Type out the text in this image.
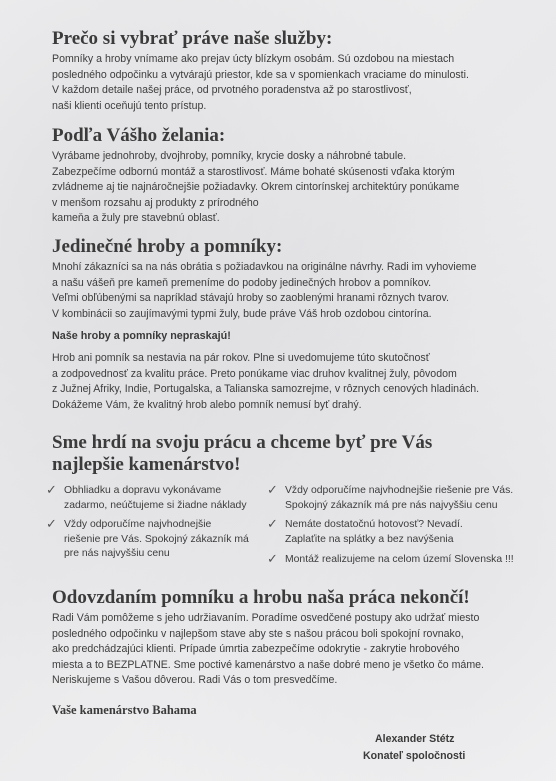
Prečo si vybrať práve naše služby:
Pomníky a hroby vnímame ako prejav úcty blízkym osobám. Sú ozdobou na miestach
posledného odpočinku a vytvárajú priestor, kde sa v spomienkach vraciame do minulosti.
V každom detaile našej práce, od prvotného poradenstva až po starostlivosť,
naši klienti oceňujú tento prístup.
Podľa Vášho želania:
Vyrábame jednohroby, dvojhroby, pomníky, krycie dosky a náhrobné tabule.
Zabezpečíme odbornú montáž a starostlivosť. Máme bohaté skúsenosti vďaka ktorým
zvládneme aj tie najnáročnejšie požiadavky. Okrem cintorínskej architektúry ponúkame
v menšom rozsahu aj produkty z prírodného
kameňa a žuly pre stavebnú oblasť.
Jedinečné hroby a pomníky:
Mnohí zákazníci sa na nás obrátia s požiadavkou na originálne návrhy. Radi im vyhovieme
a našu vášeň pre kameň premeníme do podoby jedinečných hrobov a pomníkov.
Veľmi obľúbenými sa napríklad stávajú hroby so zaoblenými hranami rôznych tvarov.
V kombinácii so zaujímavými typmi žuly, bude práve Váš hrob ozdobou cintorína.
Naše hroby a pomníky nepraskajú!
Hrob ani pomník sa nestavia na pár rokov. Plne si uvedomujeme túto skutočnosť
a zodpovednosť za kvalitu práce. Preto ponúkame viac druhov kvalitnej žuly, pôvodom
z Južnej Afriky, Indie, Portugalska, a Talianska samozrejme, v rôznych cenových hladinách.
Dokážeme Vám, že kvalitný hrob alebo pomník nemusí byť drahý.
Sme hrdí na svoju prácu a chceme byť pre Vás
najlepšie kamenárstvo!
✓ Obhliadku a dopravu vykonávame
zadarmo, neúčtujeme si žiadne náklady
✓ Vždy odporučíme najvhodnejšie
riešenie pre Vás. Spokojný zákazník má
pre nás najvyššiu cenu
✓ Vždy odporučíme najvhodnejšie riešenie pre Vás.
Spokojný zákazník má pre nás najvyššiu cenu
✓ Nemáte dostatočnú hotovosť? Nevadí.
Zaplaťite na splátky a bez navýšenia
✓ Montáž realizujeme na celom území Slovenska !!!
Odovzdaním pomníku a hrobu naša práca nekončí!
Radi Vám pomôžeme s jeho udržiavaním. Poradíme osvedčené postupy ako udržať miesto
posledného odpočinku v najlepšom stave aby ste s našou prácou boli spokojní rovnako,
ako predchádzajúci klienti. Prípade úmrtia zabezpečíme odokrytie - zakrytie hrobového
miesta a to BEZPLATNE. Sme poctivé kamenárstvo a naše dobré meno je všetko čo máme.
Neriskujeme s Vašou dôverou. Radi Vás o tom presvedčíme.
Vaše kamenárstvo Bahama
Alexander Stétz
Konateľ spoločnosti
